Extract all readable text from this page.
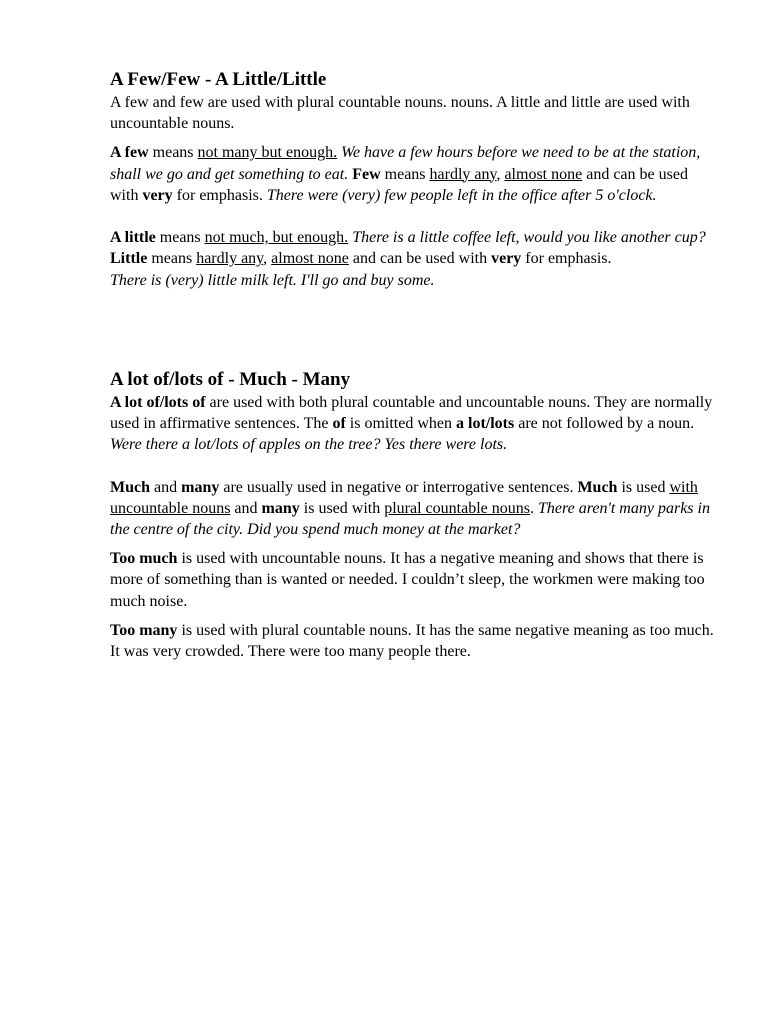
A Few/Few - A Little/Little

A few and few are used with plural countable nouns. nouns. A little and little are used with uncountable nouns.

A few means not many but enough. We have a few hours before we need to be at the station, shall we go and get something to eat. Few means hardly any, almost none and can be used with very for emphasis. There were (very) few people left in the office after 5 o'clock.

A little means not much, but enough. There is a little coffee left, would you like another cup?

Little means hardly any, almost none and can be used with very for emphasis.

There is (very) little milk left. I'll go and buy some.

A lot of/lots of - Much - Many

A lot of/lots of are used with both plural countable and uncountable nouns. They are normally used in affirmative sentences. The of is omitted when a lot/lots are not followed by a noun. Were there a lot/lots of apples on the tree? Yes there were lots.

Much and many are usually used in negative or interrogative sentences. Much is used with uncountable nouns and many is used with plural countable nouns. There aren't many parks in the centre of the city. Did you spend much money at the market?

Too much is used with uncountable nouns. It has a negative meaning and shows that there is more of something than is wanted or needed. I couldn’t sleep, the workmen were making too much noise.

Too many is used with plural countable nouns. It has the same negative meaning as too much. It was very crowded. There were too many people there.
